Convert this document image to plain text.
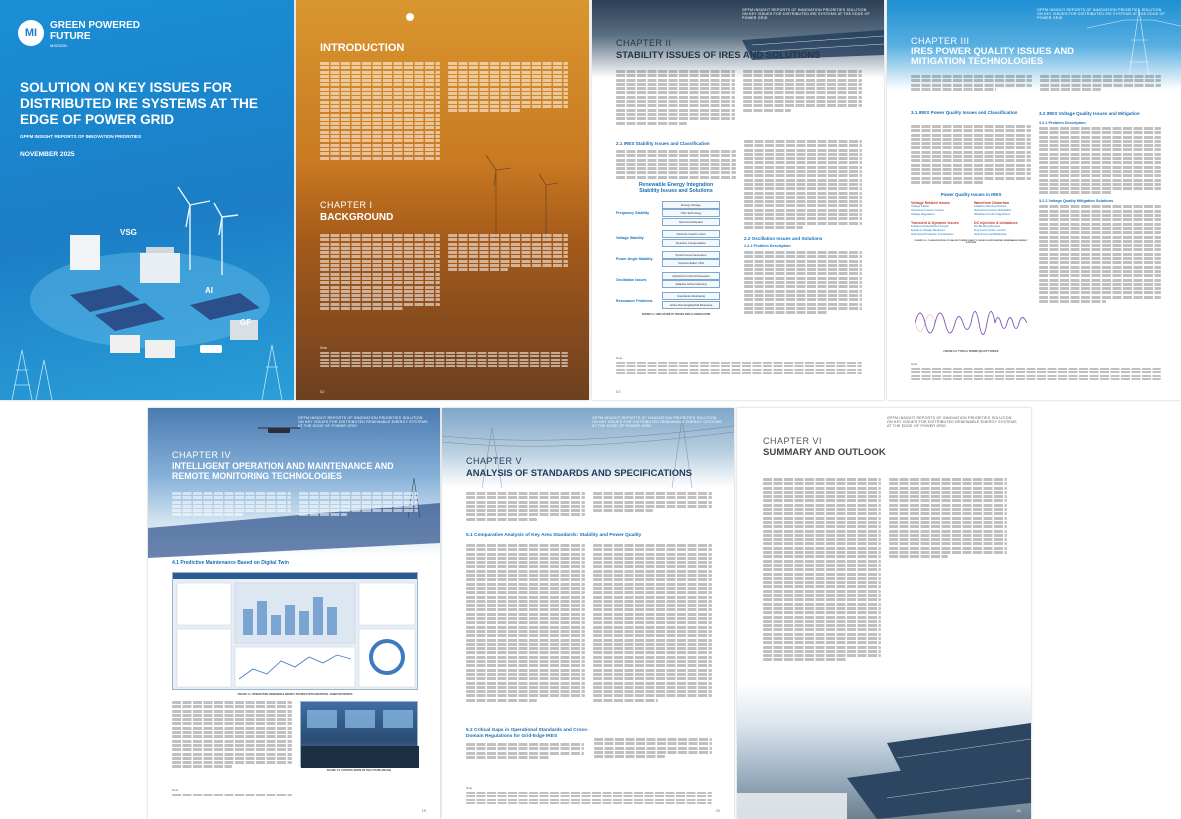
MI
GREEN POWERED
FUTURE
MISSION
SOLUTION ON KEY ISSUES FOR DISTRIBUTED IRE SYSTEMS AT THE EDGE OF POWER GRID
GPFM INSIGHT REPORTS OF INNOVATION PRIORITIES
NOVEMBER 2025
VSG
AI
GF
INTRODUCTION
CHAPTER I
BACKGROUND
Note
02
GPFM INSIGHT REPORTS OF INNOVATION PRIORITIES SOLUTION ON KEY ISSUES FOR DISTRIBUTED IRE SYSTEMS AT THE EDGE OF POWER GRID
CHAPTER II
STABILITY ISSUES OF IRES AND SOLUTIONS
2.1 IRES Stability Issues and Classification
Renewable Energy Integration
Stability Issues and Solutions
Frequency Stability
Energy Storage
VSG Technology
Optimized Dispatch
Voltage Stability
Optimize Inverter ontrol
Reactive Compensation
Power Angle Stability
Synchronous Generators
Implementation VSG
Oscillation Issues
Optimized Control Parameters
Adaptive Active Damping
Resonance Problems
Impedance Reshaping
Active Damping&Hybrid Measures
FIGURE 2.1: IRES STABILITY ISSUES AND CLASSIFICATION
2.2 Oscillation Issues and Solutions
2.2.1 Problem Description
Note
03
GPFM INSIGHT REPORTS OF INNOVATION PRIORITIES SOLUTION ON KEY ISSUES FOR DISTRIBUTED IRE SYSTEMS AT THE EDGE OF POWER GRID
CHAPTER III
IRES POWER QUALITY ISSUES AND MITIGATION TECHNOLOGIES
3.1 IRES Power Quality Issues and Classification
Power Quality Issues in IRES
Voltage Related Issues
Voltage Flicker
Optimized Inverter Control
Voltage Regulators
Waveform Distortion
Adaptive Filtering Devices
Optimized Inverter Modulation
Wideband Control Algorithms
Transient & Dynamic Issues
Enhanced Fault Ride-Through
Dynamic Voltage Restorers
Optimized Protection Coordination
DC Injection & Unbalance
DC Blocking Devices
Improved Inverter Control
Optimized Load Balancing
FIGURE 3.1: CLASSIFICATION OF MAJOR POWER QUALITY ISSUES IN INTEGRATED RENEWABLE ENERGY SYSTEMS
FIGURE 3.2: TYPICAL POWER QUALITY ISSUES
3.2 IRES Voltage Quality Issues and Mitigation
3.2.1 Problem Description
3.2.2 Voltage Quality Mitigation Solutions
Note
GPFM INSIGHT REPORTS OF INNOVATION PRIORITIES SOLUTION ON KEY ISSUES FOR DISTRIBUTED RENEWABLE ENERGY SYSTEMS AT THE EDGE OF POWER GRID
CHAPTER IV
INTELLIGENT OPERATION AND MAINTENANCE AND REMOTE MONITORING TECHNOLOGIES
4.1 Predictive Maintenance Based on Digital Twin
FIGURE 4.1: INTEGRATING RENEWABLE ENERGY SOURCES INTO INDUSTRIAL ZONES NETWORKS
FIGURE 4.2: CONTROL ROOM OF THE FUTURE (IMAGE)
Note
19
GPFM INSIGHT REPORTS OF INNOVATION PRIORITIES SOLUTION ON KEY ISSUES FOR DISTRIBUTED RENEWABLE ENERGY SYSTEMS AT THE EDGE OF POWER GRID
CHAPTER V
ANALYSIS OF STANDARDS AND SPECIFICATIONS
5.1 Comparative Analysis of Key Area Standards: Stability and Power Quality
5.2 Critical Gaps in Operational Standards and Cross-Domain Regulations for Grid-Edge IRES
Note
20
GPFM INSIGHT REPORTS OF INNOVATION PRIORITIES SOLUTION ON KEY ISSUES FOR DISTRIBUTED RENEWABLE ENERGY SYSTEMS AT THE EDGE OF POWER GRID
CHAPTER VI
SUMMARY AND OUTLOOK
21
